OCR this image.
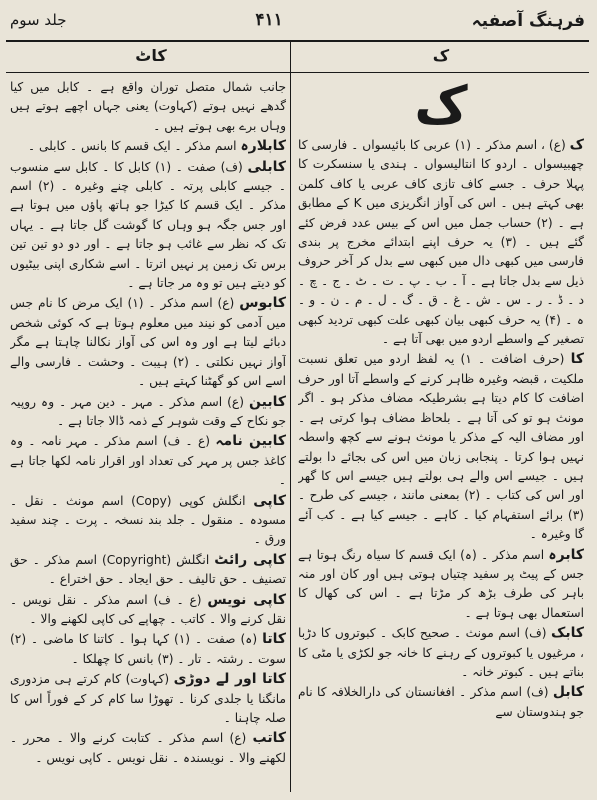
جلد سوم	۴۱۱	فرہنگ آصفیہ
کاٹ	ک
ک

ک (ع) ، اسم مذکر ۔ (۱) عربی کا بائیسواں ۔ فارسی کا چھبیسواں ۔ اردو کا انتالیسواں ۔ ہندی یا سنسکرت کا پہلا حرف ۔ جسے کاف تازی کاف عربی یا کاف کلمن بھی کہتے ہیں ۔ اس کی آواز انگریزی میں K کے مطابق ہے ۔ (۲) حساب جمل میں اس کے بیس عدد فرض کئے گئے ہیں ۔ (۳) یہ حرف اپنے ابتدائے مخرج پر بندی فارسی میں کبھی دال میں کبھی سے بدل کر آخر حروف ذیل سے بدل جاتا ہے ۔ آ ۔ ب ۔ پ ۔ ت ۔ ٹ ۔ ج ۔ چ ۔ د ۔ ڈ ۔ ر ۔ س ۔ ش ۔ غ ۔ ق ۔ گ ۔ ل ۔ م ۔ ن ۔ و ۔ ہ ۔ (۴) یہ حرف کبھی بیان کبھی علت کبھی تردید کبھی تصغیر کے واسطے اردو میں بھی آتا ہے ۔

کا (حرف اضافت ۔ ۱) یہ لفظ اردو میں تعلق نسبت ملکیت ، قبضہ وغیرہ ظاہر کرنے کے واسطے آتا اور حرف اضافت کا کام دیتا ہے بشرطیکہ مضاف مذکر ہو ۔ اگر مونث ہو تو کی آتا ہے ۔ بلحاظ مضاف ہوا کرتی ہے ۔ اور مضاف الیہ کے مذکر یا مونث ہونے سے کچھ واسطہ نہیں ہوا کرتا ۔ پنجابی زبان میں اس کی بجائے دا بولتے ہیں ۔ جیسے اس والے ہی بولتے ہیں جیسے اس کا گھر اور اس کی کتاب ۔ (۲) بمعنی مانند ، جیسے کی طرح ۔ (۳) برائے استفہام کیا ۔ کاہے ۔ جیسے کیا ہے ۔ کب آئے گا وغیرہ ۔

کابرہ اسم مذکر ۔ (ہ) ایک قسم کا سیاہ رنگ ہوتا ہے جس کے پیٹ پر سفید چتیاں ہوتی ہیں اور کان اور منہ باہر کی طرف بڑھ کر مڑتا ہے ۔ اس کی کھال کا استعمال بھی ہوتا ہے ۔

کابک (ف) اسم مونث ۔ صحیح کابک ۔ کبوتروں کا دڑبا ، مرغیوں یا کبوتروں کے رہنے کا خانہ جو لکڑی یا مٹی کا بناتے ہیں ۔ کبوتر خانہ ۔

کابل (ف) اسم مذکر ۔ افغانستان کی دارالخلافہ کا نام جو ہندوستان سے

جانب شمال متصل توران واقع ہے ۔ کابل میں کیا گدھے نہیں ہوتے (کہاوت) یعنی جہاں اچھے ہوتے ہیں وہاں برے بھی ہوتے ہیں ۔

کابلارہ اسم مذکر ۔ ایک قسم کا بانس ۔ کابلی ۔

کابلی (ف) صفت ۔ (۱) کابل کا ۔ کابل سے منسوب ۔ جیسے کابلی پرتہ ۔ کابلی چنے وغیرہ ۔ (۲) اسم مذکر ۔ ایک قسم کا کیڑا جو ہاتھ پاؤں میں ہوتا ہے اور جس جگہ ہو وہاں کا گوشت گل جاتا ہے ۔ یہاں تک کہ نظر سے غائب ہو جاتا ہے ۔ اور دو دو تین تین برس تک زمین پر نہیں اترتا ۔ اسے شکاری اپنی بیٹیوں کو دیتے ہیں تو وہ مر جاتا ہے ۔

کابوس (ع) اسم مذکر ۔ (۱) ایک مرض کا نام جس میں آدمی کو نیند میں معلوم ہوتا ہے کہ کوئی شخص دبائے لیتا ہے اور وہ اس کی آواز نکالنا چاہتا ہے مگر آواز نہیں نکلتی ۔ (۲) ہیبت ۔ وحشت ۔ فارسی والے اسے اس کو گھٹنا کہتے ہیں ۔

کابین (ع) اسم مذکر ۔ مہر ۔ دین مہر ۔ وہ روپیہ جو نکاح کے وقت شوہر کے ذمہ ڈالا جاتا ہے ۔

کابین نامہ (ع ۔ ف) اسم مذکر ۔ مہر نامہ ۔ وہ کاغذ جس پر مہر کی تعداد اور اقرار نامہ لکھا جاتا ہے ۔

کاپی انگلش کوپی (Copy) اسم مونث ۔ نقل ۔ مسودہ ۔ منقول ۔ جلد بند نسخہ ۔ پرت ۔ چند سفید ورق ۔

کاپی رائٹ انگلش (Copyright) اسم مذکر ۔ حق تصنیف ۔ حق تالیف ۔ حق ایجاد ۔ حق اختراع ۔

کاپی نویس (ع ۔ ف) اسم مذکر ۔ نقل نویس ۔ نقل کرنے والا ۔ کاتب ۔ چھاپے کی کاپی لکھنے والا ۔

کاتا (ہ) صفت ۔ (۱) کہا ہوا ۔ کاتنا کا ماضی ۔ (۲) سوت ۔ رشتہ ۔ تار ۔ (۳) بانس کا چھلکا ۔

کاتا اور لے دوڑی (کہاوت) کام کرتے ہی مزدوری مانگنا یا جلدی کرنا ۔ تھوڑا سا کام کر کے فوراً اس کا صلہ چاہنا ۔

کاتب (ع) اسم مذکر ۔ کتابت کرنے والا ۔ محرر ۔ لکھنے والا ۔ نویسندہ ۔ نقل نویس ۔ کاپی نویس ۔
